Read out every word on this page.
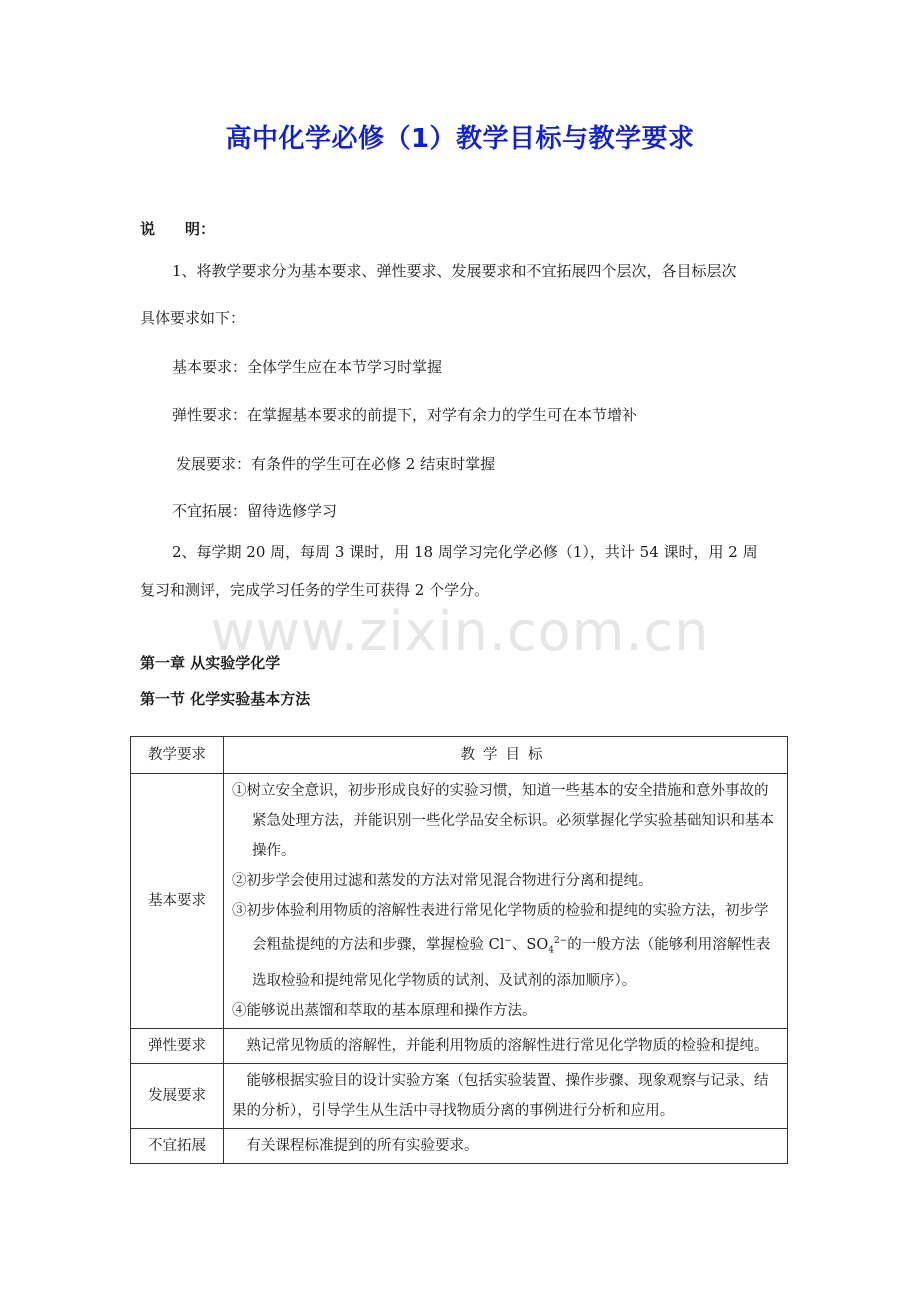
高中化学必修（1）教学目标与教学要求
说　　明：
1、将教学要求分为基本要求、弹性要求、发展要求和不宜拓展四个层次，各目标层次
具体要求如下：
基本要求：全体学生应在本节学习时掌握
弹性要求：在掌握基本要求的前提下，对学有余力的学生可在本节增补
发展要求：有条件的学生可在必修 2 结束时掌握
不宜拓展：留待选修学习
2、每学期 20 周，每周 3 课时，用 18 周学习完化学必修（1），共计 54 课时，用 2 周
复习和测评，完成学习任务的学生可获得 2 个学分。
www.zixin.com.cn
第一章 从实验学化学
第一节 化学实验基本方法
教学要求	教学目标
基本要求	①树立安全意识，初步形成良好的实验习惯，知道一些基本的安全措施和意外事故的紧急处理方法，并能识别一些化学品安全标识。必须掌握化学实验基础知识和基本操作。
②初步学会使用过滤和蒸发的方法对常见混合物进行分离和提纯。
③初步体验利用物质的溶解性表进行常见化学物质的检验和提纯的实验方法，初步学会粗盐提纯的方法和步骤，掌握检验 Cl−、$SO_4^{2-}$的一般方法（能够利用溶解性表选取检验和提纯常见化学物质的试剂、及试剂的添加顺序）。
④能够说出蒸馏和萃取的基本原理和操作方法。

弹性要求	熟记常见物质的溶解性，并能利用物质的溶解性进行常见化学物质的检验和提纯。
发展要求	能够根据实验目的设计实验方案（包括实验装置、操作步骤、现象观察与记录、结果的分析），引导学生从生活中寻找物质分离的事例进行分析和应用。
不宜拓展	有关课程标准提到的所有实验要求。
